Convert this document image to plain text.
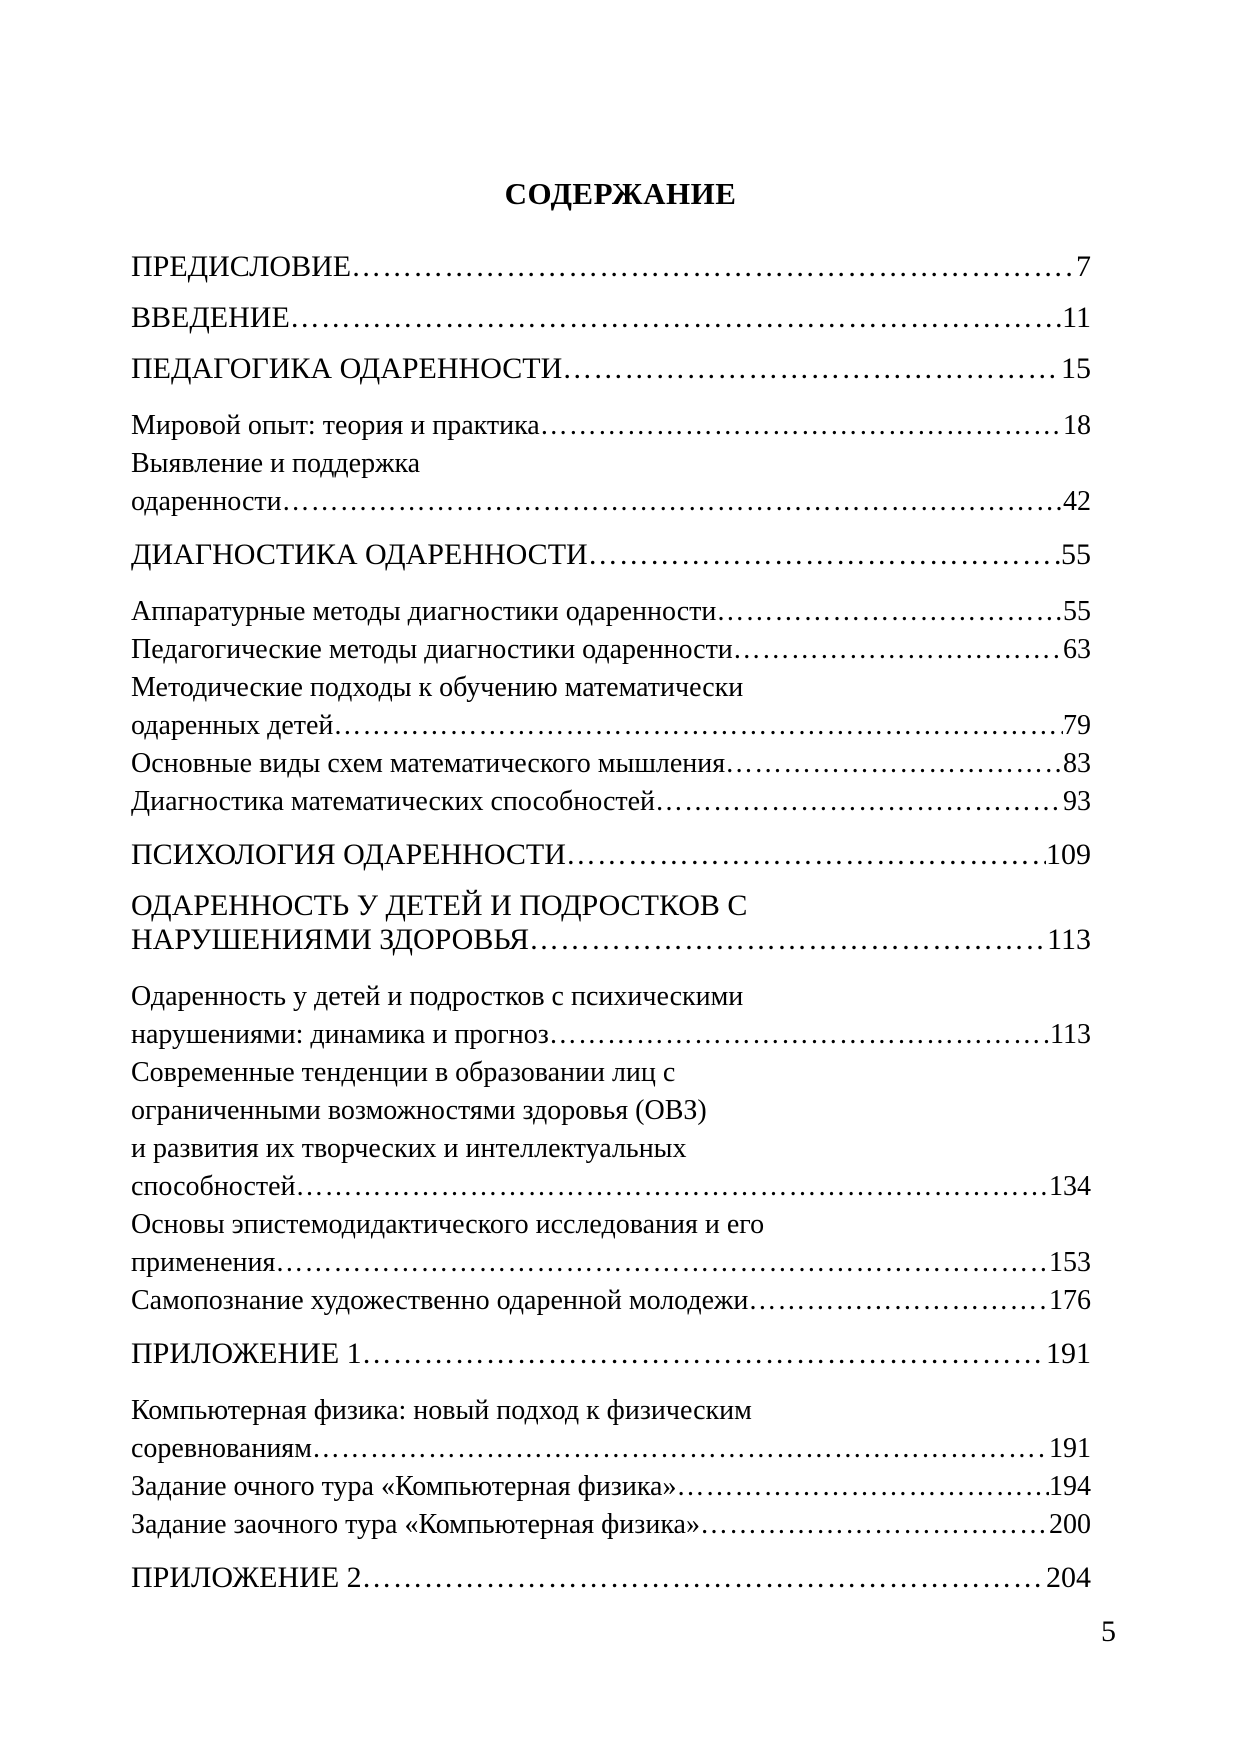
СОДЕРЖАНИЕ
ПРЕДИСЛОВИЕ ……………………………………………………………………………………………………………………………………………………	7
ВВЕДЕНИЕ ……………………………………………………………………………………………………………………………………………………	11
ПЕДАГОГИКА ОДАРЕННОСТИ ……………………………………………………………………………………………………………………………………………………	15
Мировой опыт: теория и практика ……………………………………………………………………………………………………………………………………………………	18
Выявление и поддержка
одаренности ……………………………………………………………………………………………………………………………………………………	42
ДИАГНОСТИКА ОДАРЕННОСТИ ……………………………………………………………………………………………………………………………………………………	55
Аппаратурные методы диагностики одаренности ……………………………………………………………………………………………………………………………………………………	55
Педагогические методы диагностики одаренности ……………………………………………………………………………………………………………………………………………………	63
Методические подходы к обучению математически
одаренных детей ……………………………………………………………………………………………………………………………………………………	79
Основные виды схем математического мышления ……………………………………………………………………………………………………………………………………………………	83
Диагностика математических способностей ……………………………………………………………………………………………………………………………………………………	93
ПСИХОЛОГИЯ ОДАРЕННОСТИ ……………………………………………………………………………………………………………………………………………………	109
ОДАРЕННОСТЬ У ДЕТЕЙ И ПОДРОСТКОВ С
НАРУШЕНИЯМИ ЗДОРОВЬЯ ……………………………………………………………………………………………………………………………………………………	113
Одаренность у детей и подростков с психическими
нарушениями: динамика и прогноз ……………………………………………………………………………………………………………………………………………………	113
Современные тенденции в образовании лиц с
ограниченными возможностями здоровья (ОВЗ)
и развития их творческих и интеллектуальных
способностей ……………………………………………………………………………………………………………………………………………………	134
Основы эпистемодидактического исследования и его
применения ……………………………………………………………………………………………………………………………………………………	153
Самопознание художественно одаренной молодежи ……………………………………………………………………………………………………………………………………………………	176
ПРИЛОЖЕНИЕ 1 ……………………………………………………………………………………………………………………………………………………	191
Компьютерная физика: новый подход к физическим
соревнованиям ……………………………………………………………………………………………………………………………………………………	191
Задание очного тура «Компьютерная физика» ……………………………………………………………………………………………………………………………………………………	194
Задание заочного тура «Компьютерная физика» ……………………………………………………………………………………………………………………………………………………	200
ПРИЛОЖЕНИЕ 2 ……………………………………………………………………………………………………………………………………………………	204
5
